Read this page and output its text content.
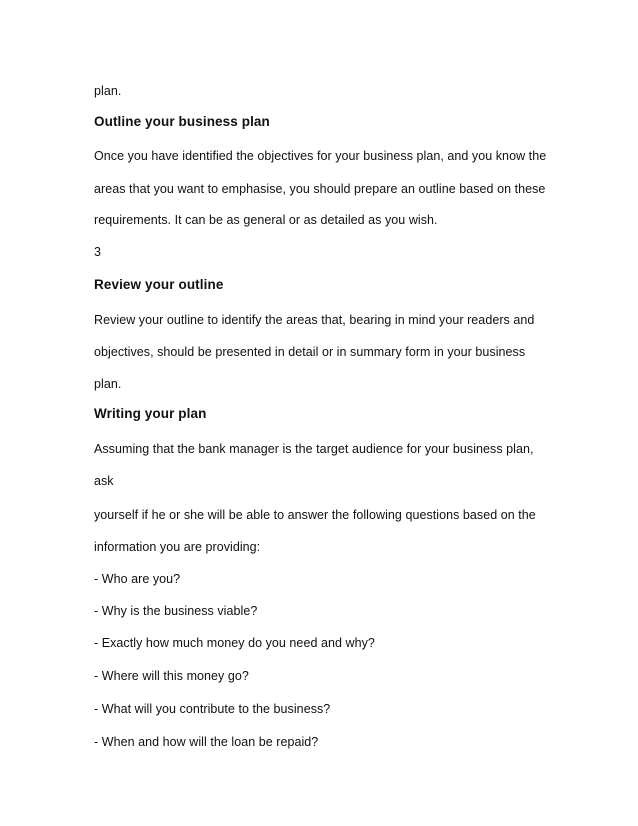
plan.
Outline your business plan
Once you have identified the objectives for your business plan, and you know the
areas that you want to emphasise, you should prepare an outline based on these
requirements. It can be as general or as detailed as you wish.
3
Review your outline
Review your outline to identify the areas that, bearing in mind your readers and
objectives, should be presented in detail or in summary form in your business
plan.
Writing your plan
Assuming that the bank manager is the target audience for your business plan,
ask
yourself if he or she will be able to answer the following questions based on the
information you are providing:
- Who are you?
- Why is the business viable?
- Exactly how much money do you need and why?
- Where will this money go?
- What will you contribute to the business?
- When and how will the loan be repaid?
